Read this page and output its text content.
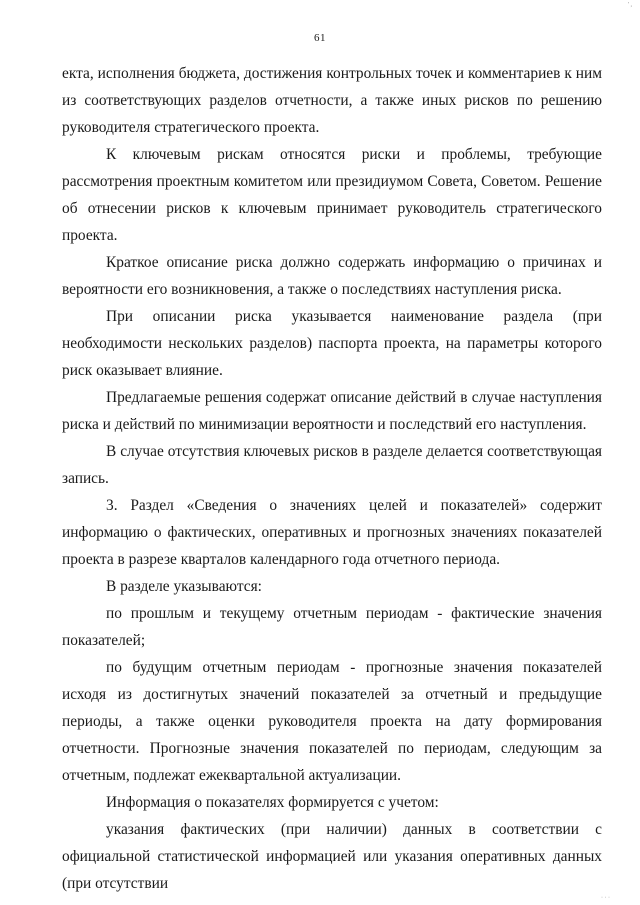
' ,
61

екта, исполнения бюджета, достижения контрольных точек и комментариев к ним из соответствующих разделов отчетности, а также иных рисков по решению руководителя стратегического проекта.

К ключевым рискам относятся риски и проблемы, требующие рассмотрения проектным комитетом или президиумом Совета, Советом. Решение об отнесении рисков к ключевым принимает руководитель стратегического проекта.

Краткое описание риска должно содержать информацию о причинах и вероятности его возникновения, а также о последствиях наступления риска.

При описании риска указывается наименование раздела (при необходимости нескольких разделов) паспорта проекта, на параметры которого риск оказывает влияние.

Предлагаемые решения содержат описание действий в случае наступления риска и действий по минимизации вероятности и последствий его наступления.

В случае отсутствия ключевых рисков в разделе делается соответствующая запись.

3. Раздел «Сведения о значениях целей и показателей» содержит информацию о фактических, оперативных и прогнозных значениях показателей проекта в разрезе кварталов календарного года отчетного периода.

В разделе указываются:

по прошлым и текущему отчетным периодам - фактические значения показателей;

по будущим отчетным периодам - прогнозные значения показателей исходя из достигнутых значений показателей за отчетный и предыдущие периоды, а также оценки руководителя проекта на дату формирования отчетности. Прогнозные значения показателей по периодам, следующим за отчетным, подлежат ежеквартальной актуализации.

Информация о показателях формируется с учетом:

указания фактических (при наличии) данных в соответствии с официальной статистической информацией или указания оперативных данных (при отсутствии

· · ·
